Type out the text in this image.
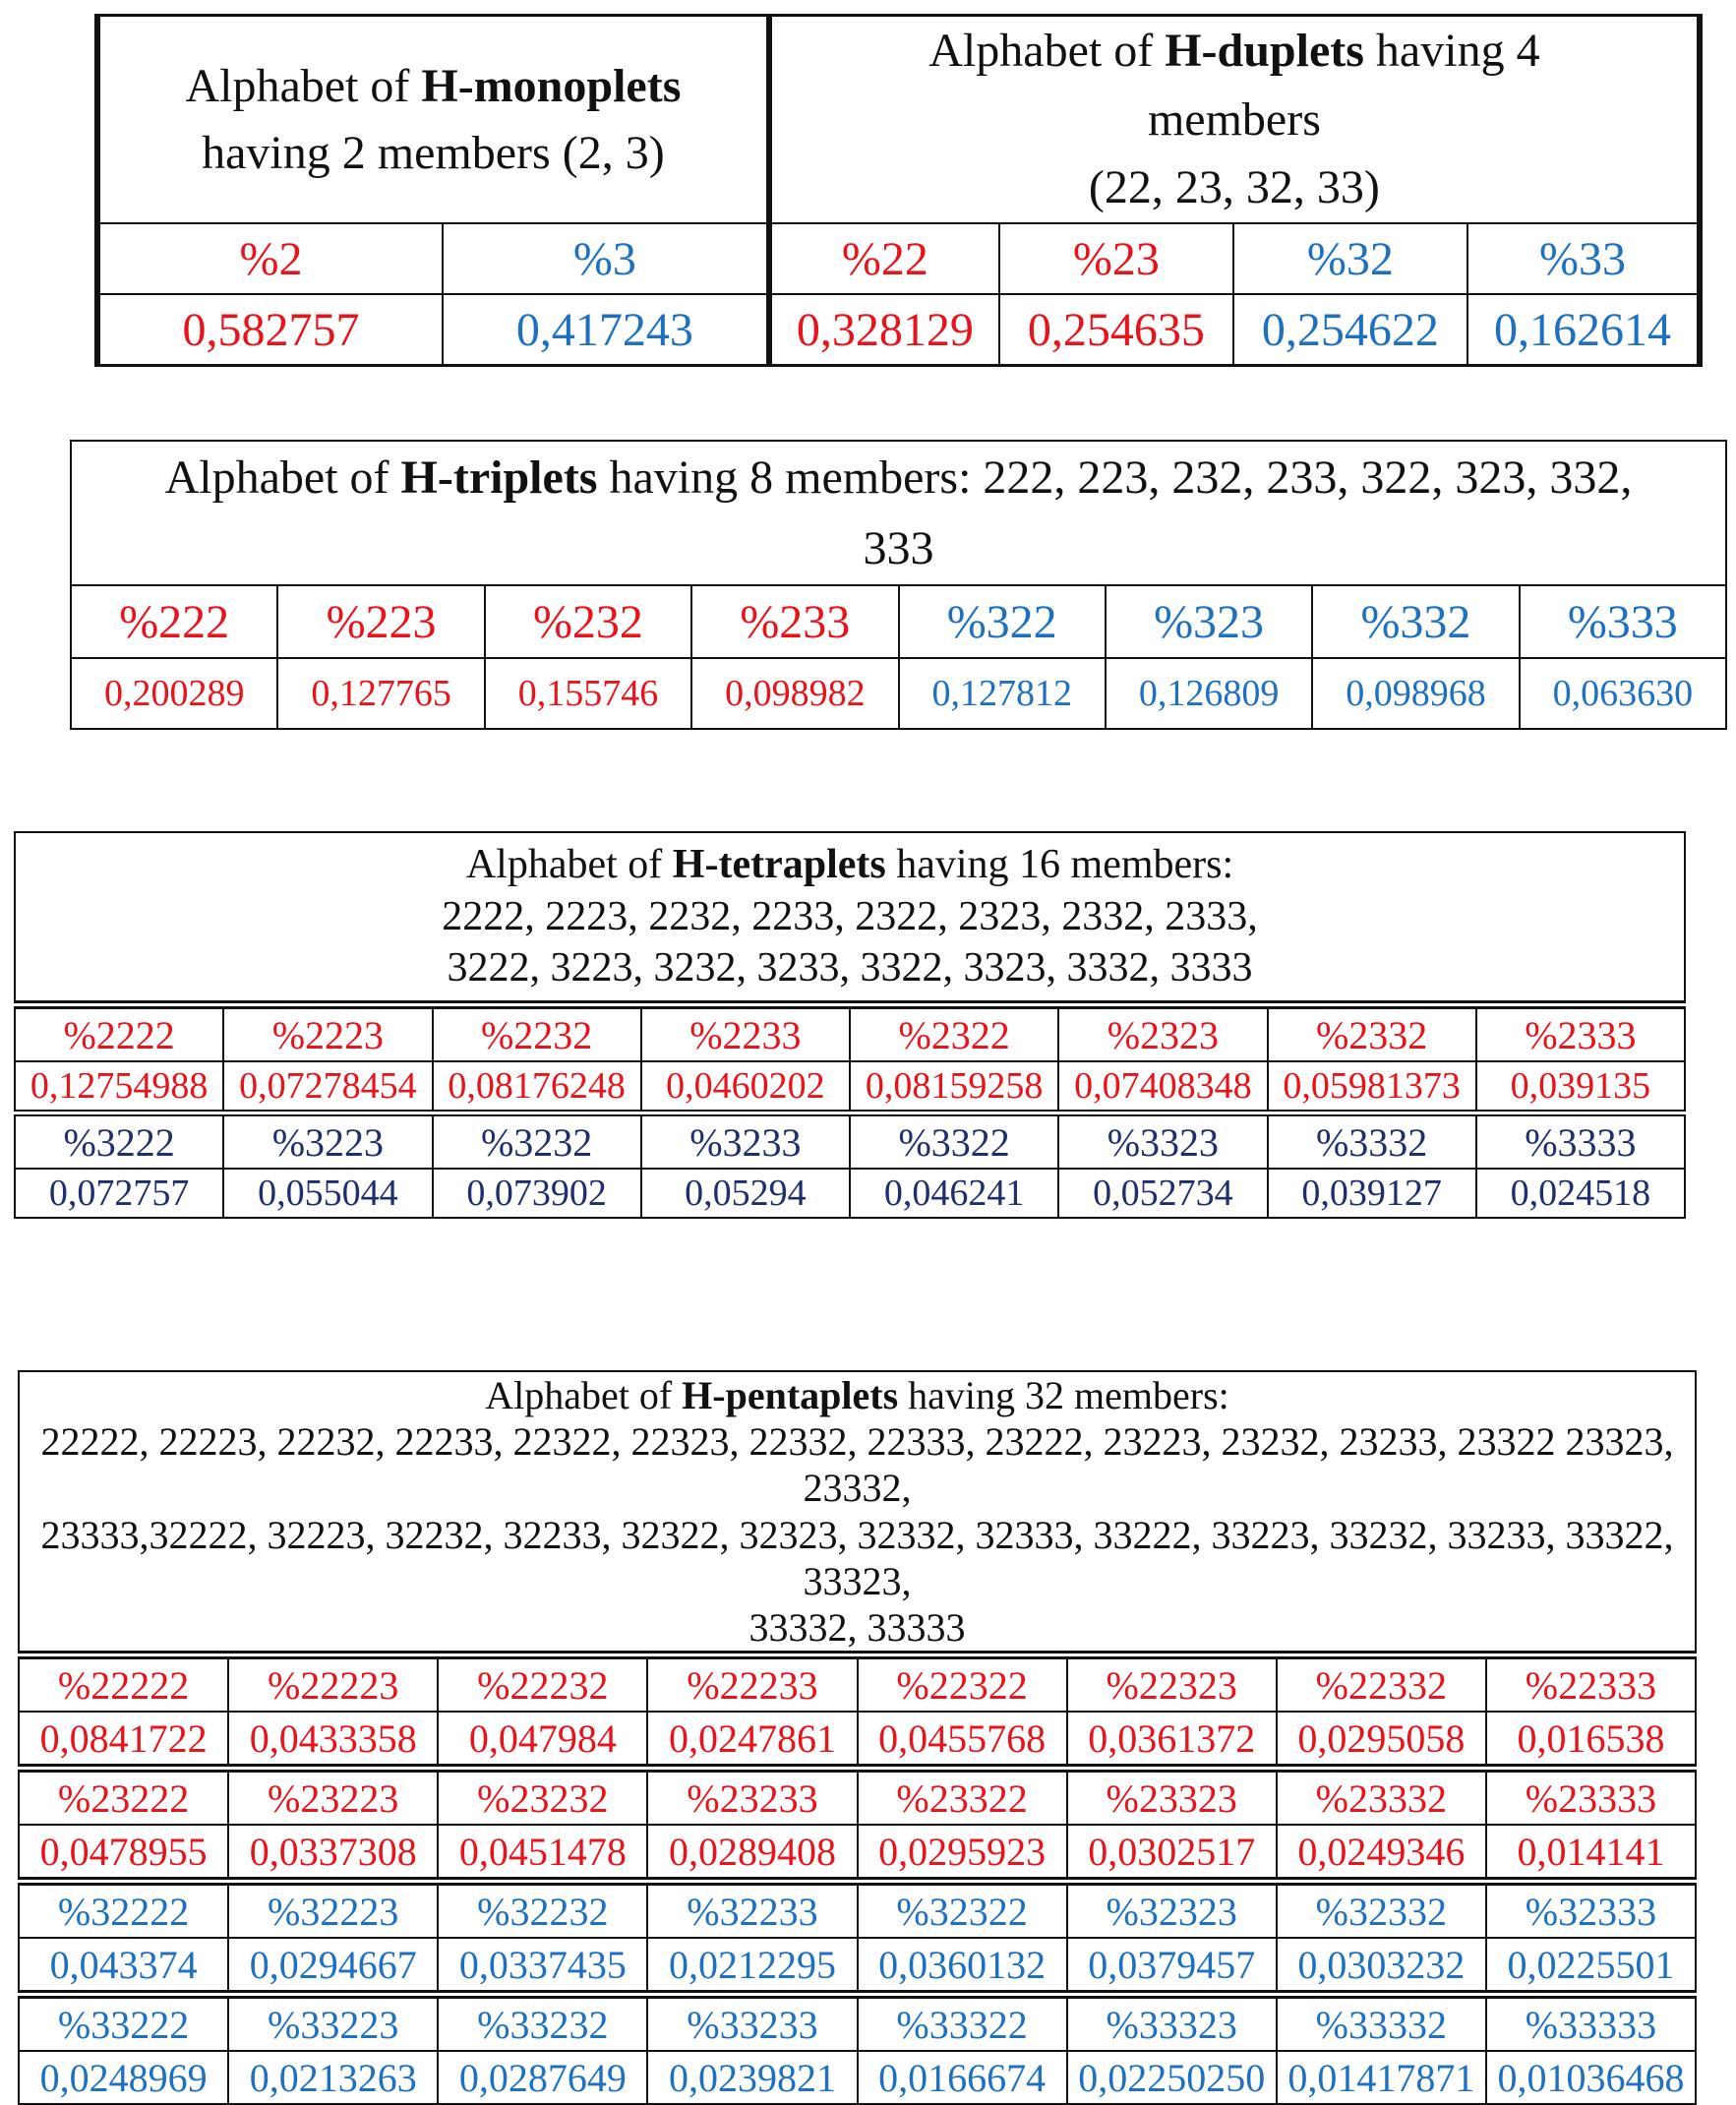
Alphabet of H-monoplets
having 2 members (2, 3)		Alphabet of H-duplets having 4
members
(22, 23, 32, 33)			
%2	%3	%22	%23	%32	%33
0,582757	0,417243	0,328129	0,254635	0,254622	0,162614
Alphabet of H-triplets having 8 members: 222, 223, 232, 233, 322, 323, 332,
333							
%222	%223	%232	%233	%322	%323	%332	%333
0,200289	0,127765	0,155746	0,098982	0,127812	0,126809	0,098968	0,063630
Alphabet of H-tetraplets having 16 members:
2222, 2223, 2232, 2233, 2322, 2323, 2332, 2333,
3222, 3223, 3232, 3233, 3322, 3323, 3332, 3333							
%2222	%2223	%2232	%2233	%2322	%2323	%2332	%2333
0,12754988	0,07278454	0,08176248	0,0460202	0,08159258	0,07408348	0,05981373	0,039135
%3222	%3223	%3232	%3233	%3322	%3323	%3332	%3333
0,072757	0,055044	0,073902	0,05294	0,046241	0,052734	0,039127	0,024518
Alphabet of H-pentaplets having 32 members:
22222, 22223, 22232, 22233, 22322, 22323, 22332, 22333, 23222, 23223, 23232, 23233, 23322 23323, 23332,
23333,32222, 32223, 32232, 32233, 32322, 32323, 32332, 32333, 33222, 33223, 33232, 33233, 33322, 33323,
33332, 33333							
%22222	%22223	%22232	%22233	%22322	%22323	%22332	%22333
0,0841722	0,0433358	0,047984	0,0247861	0,0455768	0,0361372	0,0295058	0,016538
%23222	%23223	%23232	%23233	%23322	%23323	%23332	%23333
0,0478955	0,0337308	0,0451478	0,0289408	0,0295923	0,0302517	0,0249346	0,014141
%32222	%32223	%32232	%32233	%32322	%32323	%32332	%32333
0,043374	0,0294667	0,0337435	0,0212295	0,0360132	0,0379457	0,0303232	0,0225501
%33222	%33223	%33232	%33233	%33322	%33323	%33332	%33333
0,0248969	0,0213263	0,0287649	0,0239821	0,0166674	0,02250250	0,01417871	0,01036468
